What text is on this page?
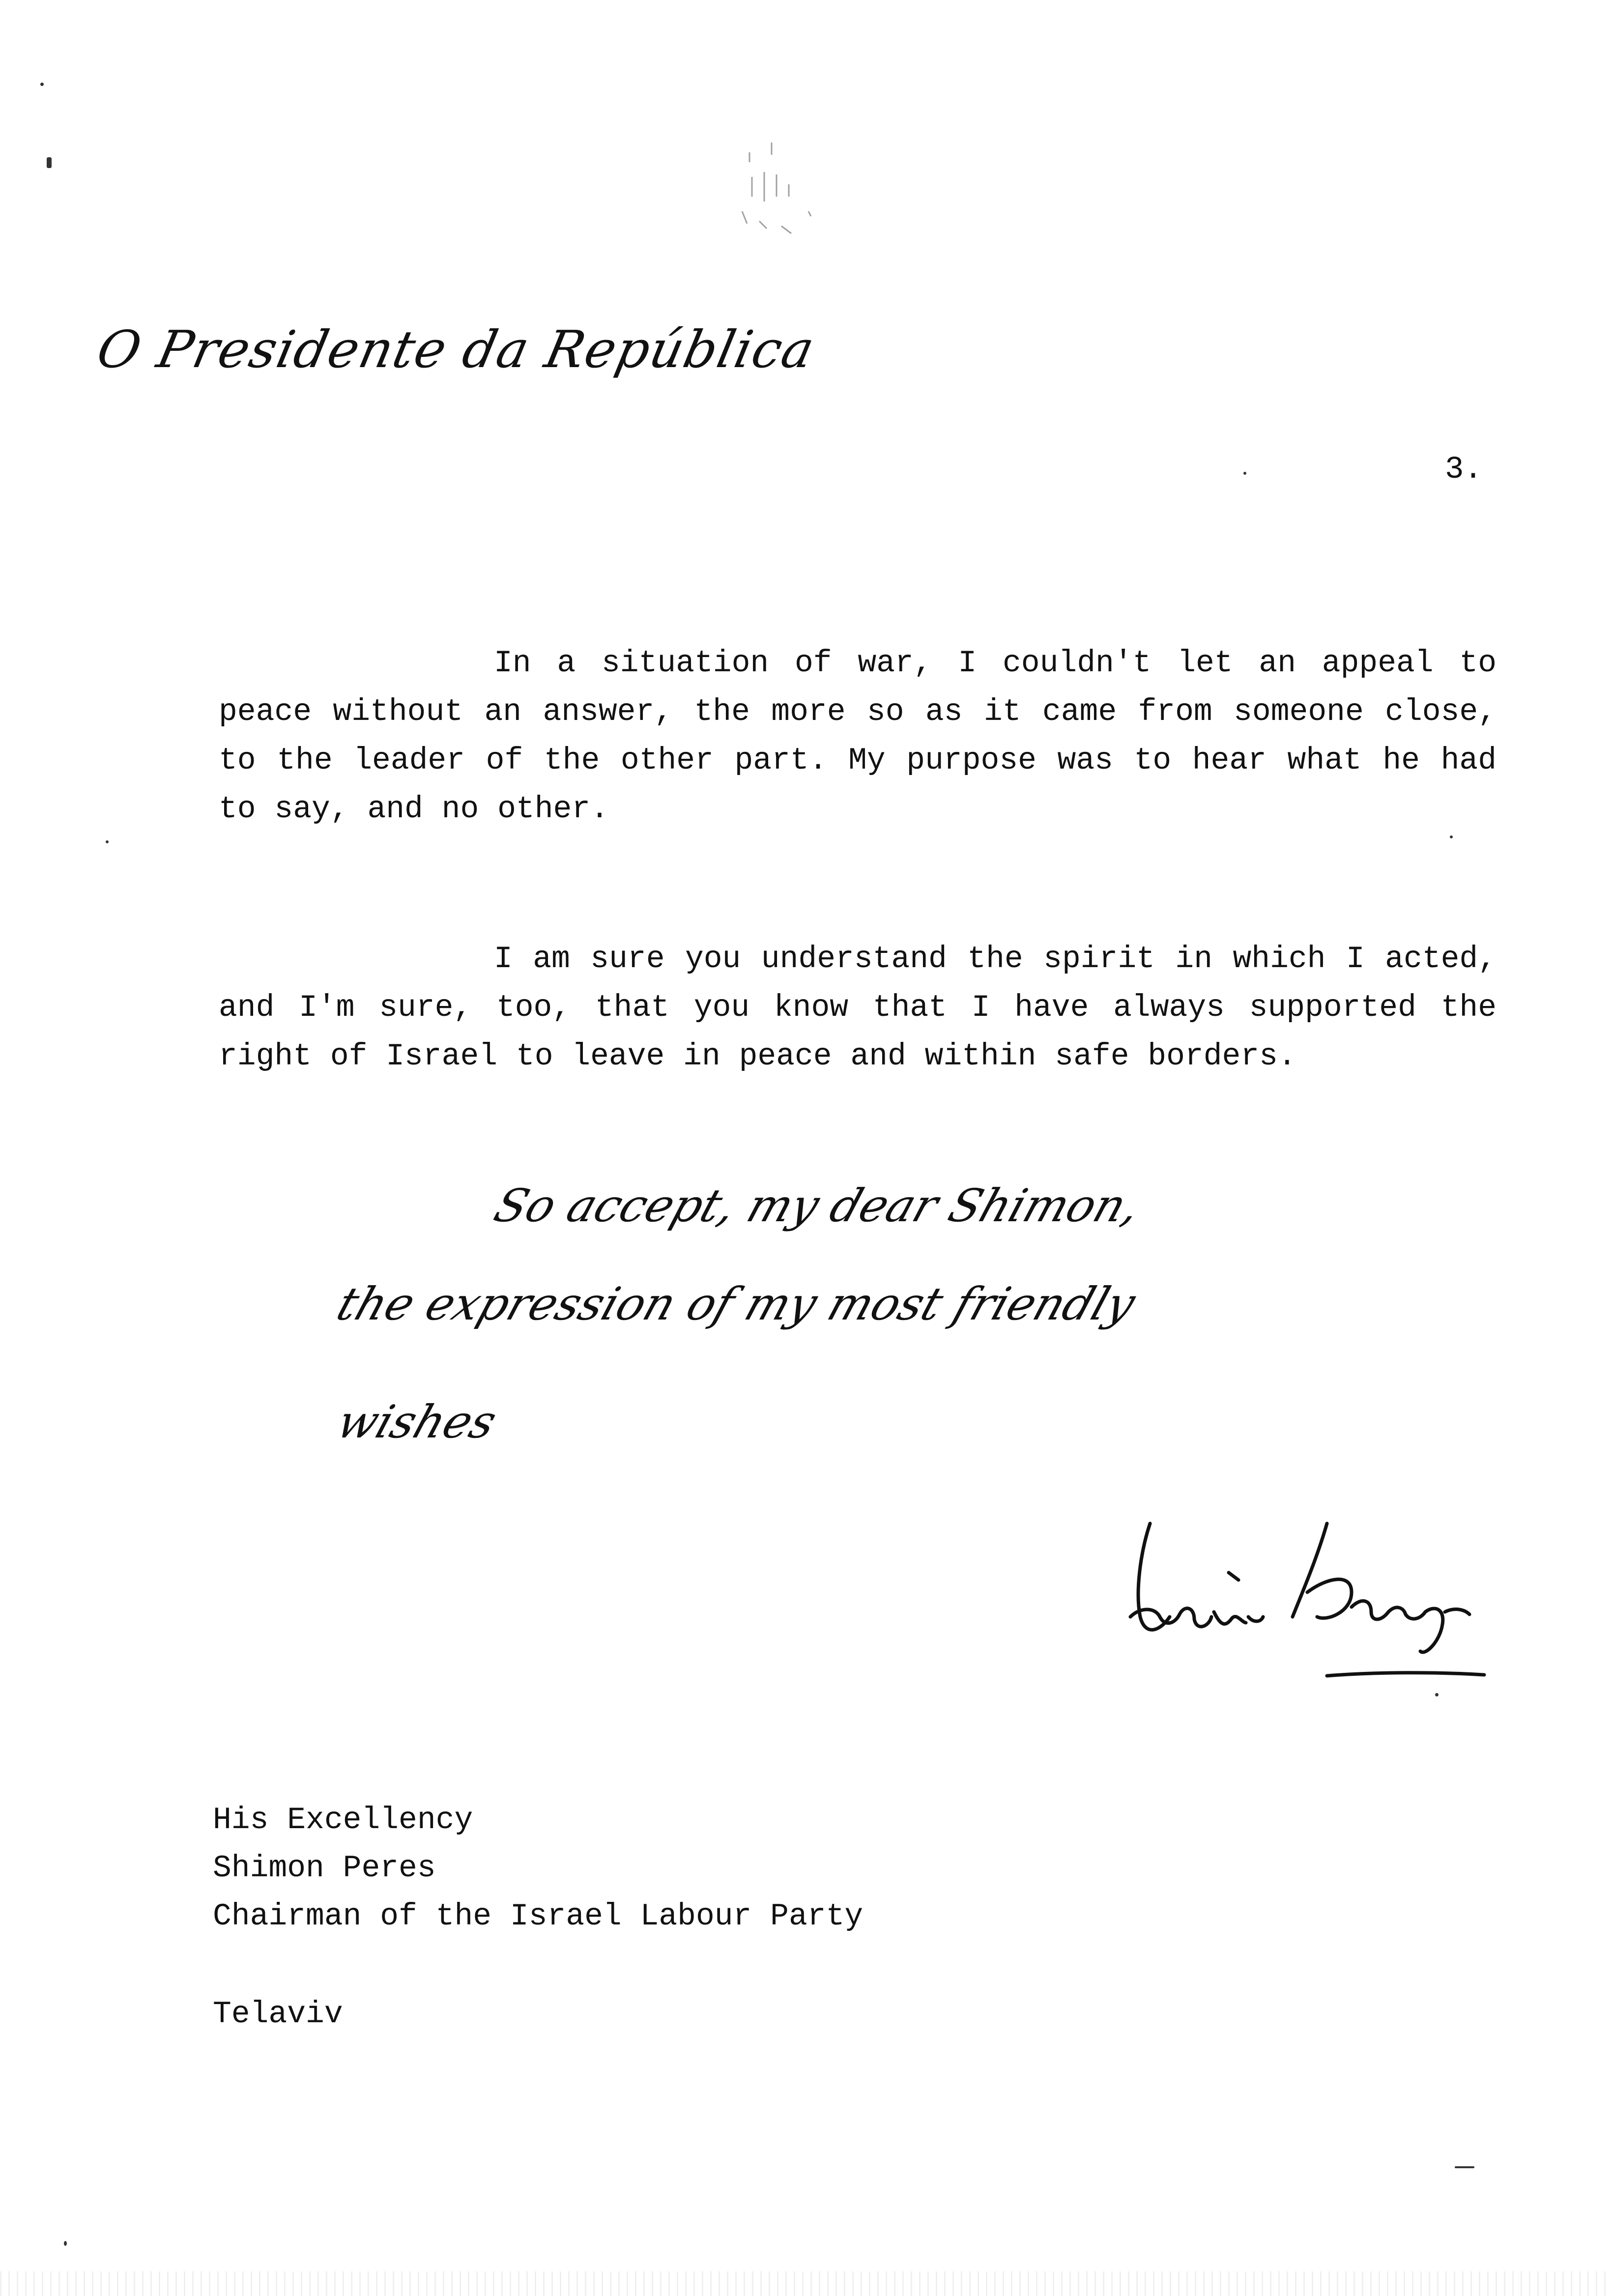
O Presidente da República
3.

In a situation of war, I couldn't let an appeal to peace without an answer, the more so as it came from someone close, to the leader of the other part. My purpose was to hear what he had to say, and no other.

I am sure you understand the spirit in which I acted, and I'm sure, too, that you know that I have always supported the right of Israel to leave in peace and within safe borders.

So accept, my dear Shimon,
the expression of my most friendly
wishes
His Excellency
Shimon Peres
Chairman of the Israel Labour Party
Telaviv
